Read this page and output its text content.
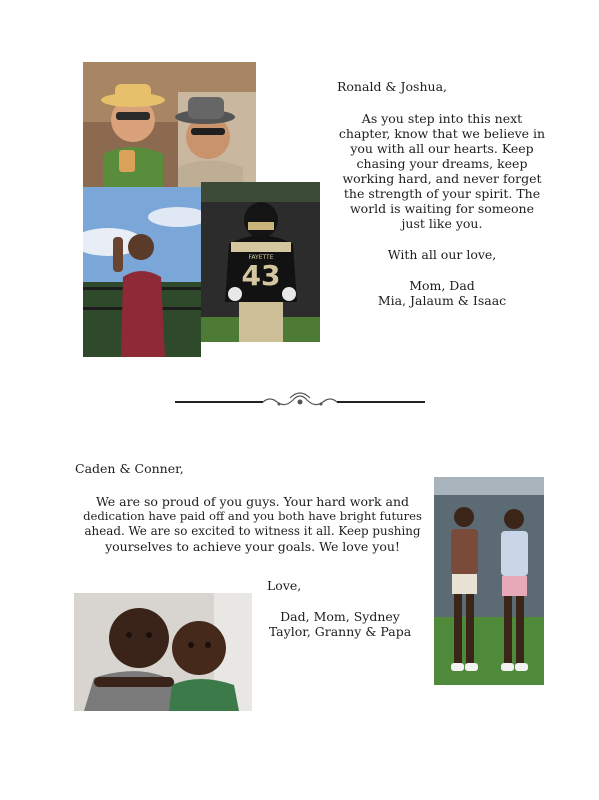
43
FAYETTE

Ronald & Joshua,

As you step into this next
chapter, know that we believe in
you with all our hearts. Keep
chasing your dreams, keep
working hard, and never forget
the strength of your spirit. The
world is waiting for someone
just like you.
With all our love,
Mom, Dad
Mia, Jalaum & Isaac

Caden & Conner,

We are so proud of you guys. Your hard work and
dedication have paid off and you both have bright futures
ahead. We are so excited to witness it all. Keep pushing
yourselves to achieve your goals. We love you!
Love,
Dad, Mom, Sydney
Taylor, Granny & Papa
